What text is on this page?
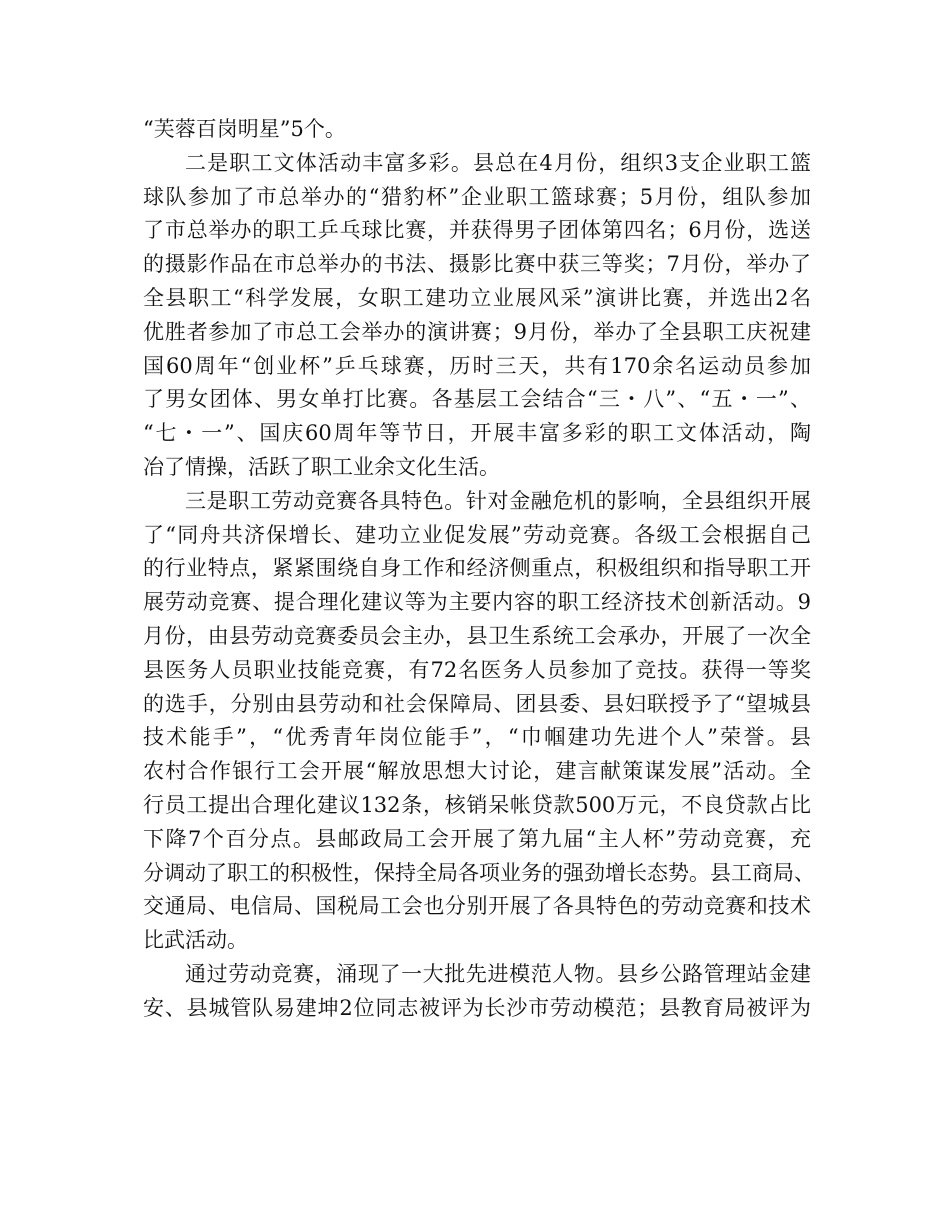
“芙蓉百岗明星”5个。
二是职工文体活动丰富多彩。县总在4月份，组织3支企业职工篮
球队参加了市总举办的“猎豹杯”企业职工篮球赛；5月份，组队参加
了市总举办的职工乒乓球比赛，并获得男子团体第四名；6月份，选送
的摄影作品在市总举办的书法、摄影比赛中获三等奖；7月份，举办了
全县职工“科学发展，女职工建功立业展风采”演讲比赛，并选出2名
优胜者参加了市总工会举办的演讲赛；9月份，举办了全县职工庆祝建
国60周年“创业杯”乒乓球赛，历时三天，共有170余名运动员参加
了男女团体、男女单打比赛。各基层工会结合“三・八”、“五・一”、
“七・一”、国庆60周年等节日，开展丰富多彩的职工文体活动，陶
冶了情操，活跃了职工业余文化生活。
三是职工劳动竞赛各具特色。针对金融危机的影响，全县组织开展
了“同舟共济保增长、建功立业促发展”劳动竞赛。各级工会根据自己
的行业特点，紧紧围绕自身工作和经济侧重点，积极组织和指导职工开
展劳动竞赛、提合理化建议等为主要内容的职工经济技术创新活动。9
月份，由县劳动竞赛委员会主办，县卫生系统工会承办，开展了一次全
县医务人员职业技能竞赛，有72名医务人员参加了竞技。获得一等奖
的选手，分别由县劳动和社会保障局、团县委、县妇联授予了“望城县
技术能手”，“优秀青年岗位能手”，“巾帼建功先进个人”荣誉。县
农村合作银行工会开展“解放思想大讨论，建言献策谋发展”活动。全
行员工提出合理化建议132条，核销呆帐贷款500万元，不良贷款占比
下降7个百分点。县邮政局工会开展了第九届“主人杯”劳动竞赛，充
分调动了职工的积极性，保持全局各项业务的强劲增长态势。县工商局、
交通局、电信局、国税局工会也分别开展了各具特色的劳动竞赛和技术
比武活动。
通过劳动竞赛，涌现了一大批先进模范人物。县乡公路管理站金建
安、县城管队易建坤2位同志被评为长沙市劳动模范；县教育局被评为
